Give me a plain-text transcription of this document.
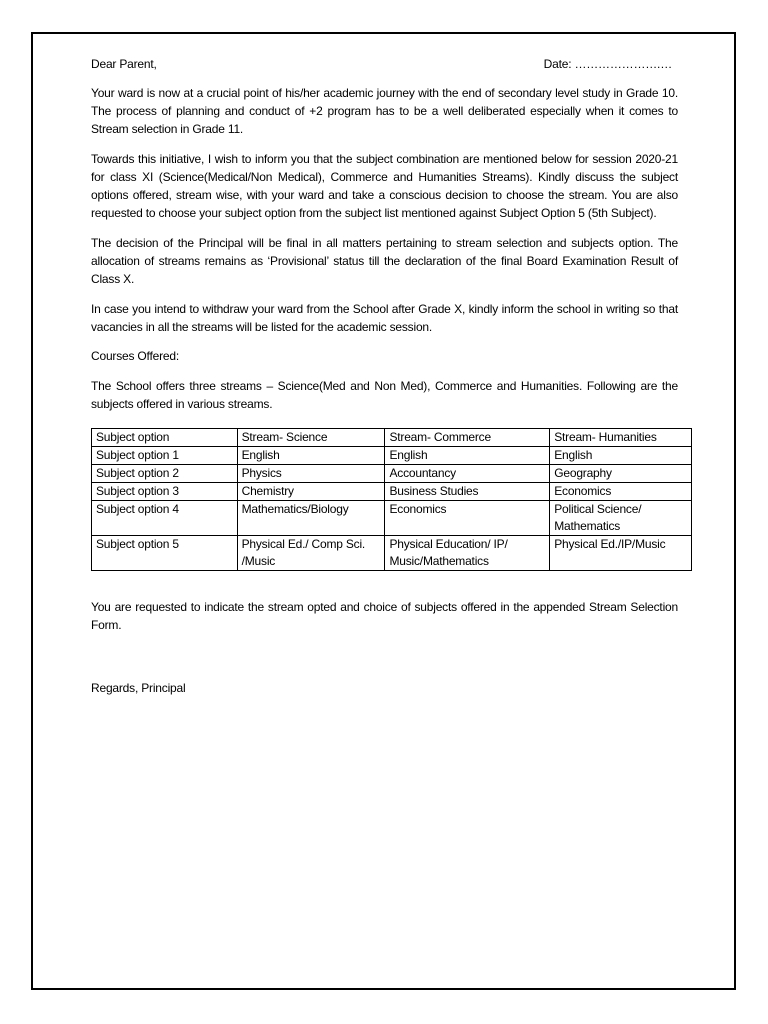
Dear Parent,	Date: ………………….…

Your ward is now at a crucial point of his/her academic journey with the end of secondary level study in Grade 10. The process of planning and conduct of +2 program has to be a well deliberated especially when it comes to Stream selection in Grade 11.

Towards this initiative, I wish to inform you that the subject combination are mentioned below for session 2020-21 for class XI (Science(Medical/Non Medical), Commerce and Humanities Streams). Kindly discuss the subject options offered, stream wise, with your ward and take a conscious decision to choose the stream. You are also requested to choose your subject option from the subject list mentioned against Subject Option 5 (5th Subject).

The decision of the Principal will be final in all matters pertaining to stream selection and subjects option. The allocation of streams remains as ‘Provisional’ status till the declaration of the final Board Examination Result of Class X.

In case you intend to withdraw your ward from the School after Grade X, kindly inform the school in writing so that vacancies in all the streams will be listed for the academic session.

Courses Offered:

The School offers three streams – Science(Med and Non Med), Commerce and Humanities. Following are the subjects offered in various streams.

Subject option	Stream- Science	Stream- Commerce	Stream- Humanities
Subject option 1	English	English	English
Subject option 2	Physics	Accountancy	Geography
Subject option 3	Chemistry	Business Studies	Economics
Subject option 4	Mathematics/Biology	Economics	Political Science/ Mathematics
Subject option 5	Physical Ed./ Comp Sci. /Music	Physical Education/ IP/ Music/Mathematics	Physical Ed./IP/Music

You are requested to indicate the stream opted and choice of subjects offered in the appended Stream Selection Form.

Regards, Principal
